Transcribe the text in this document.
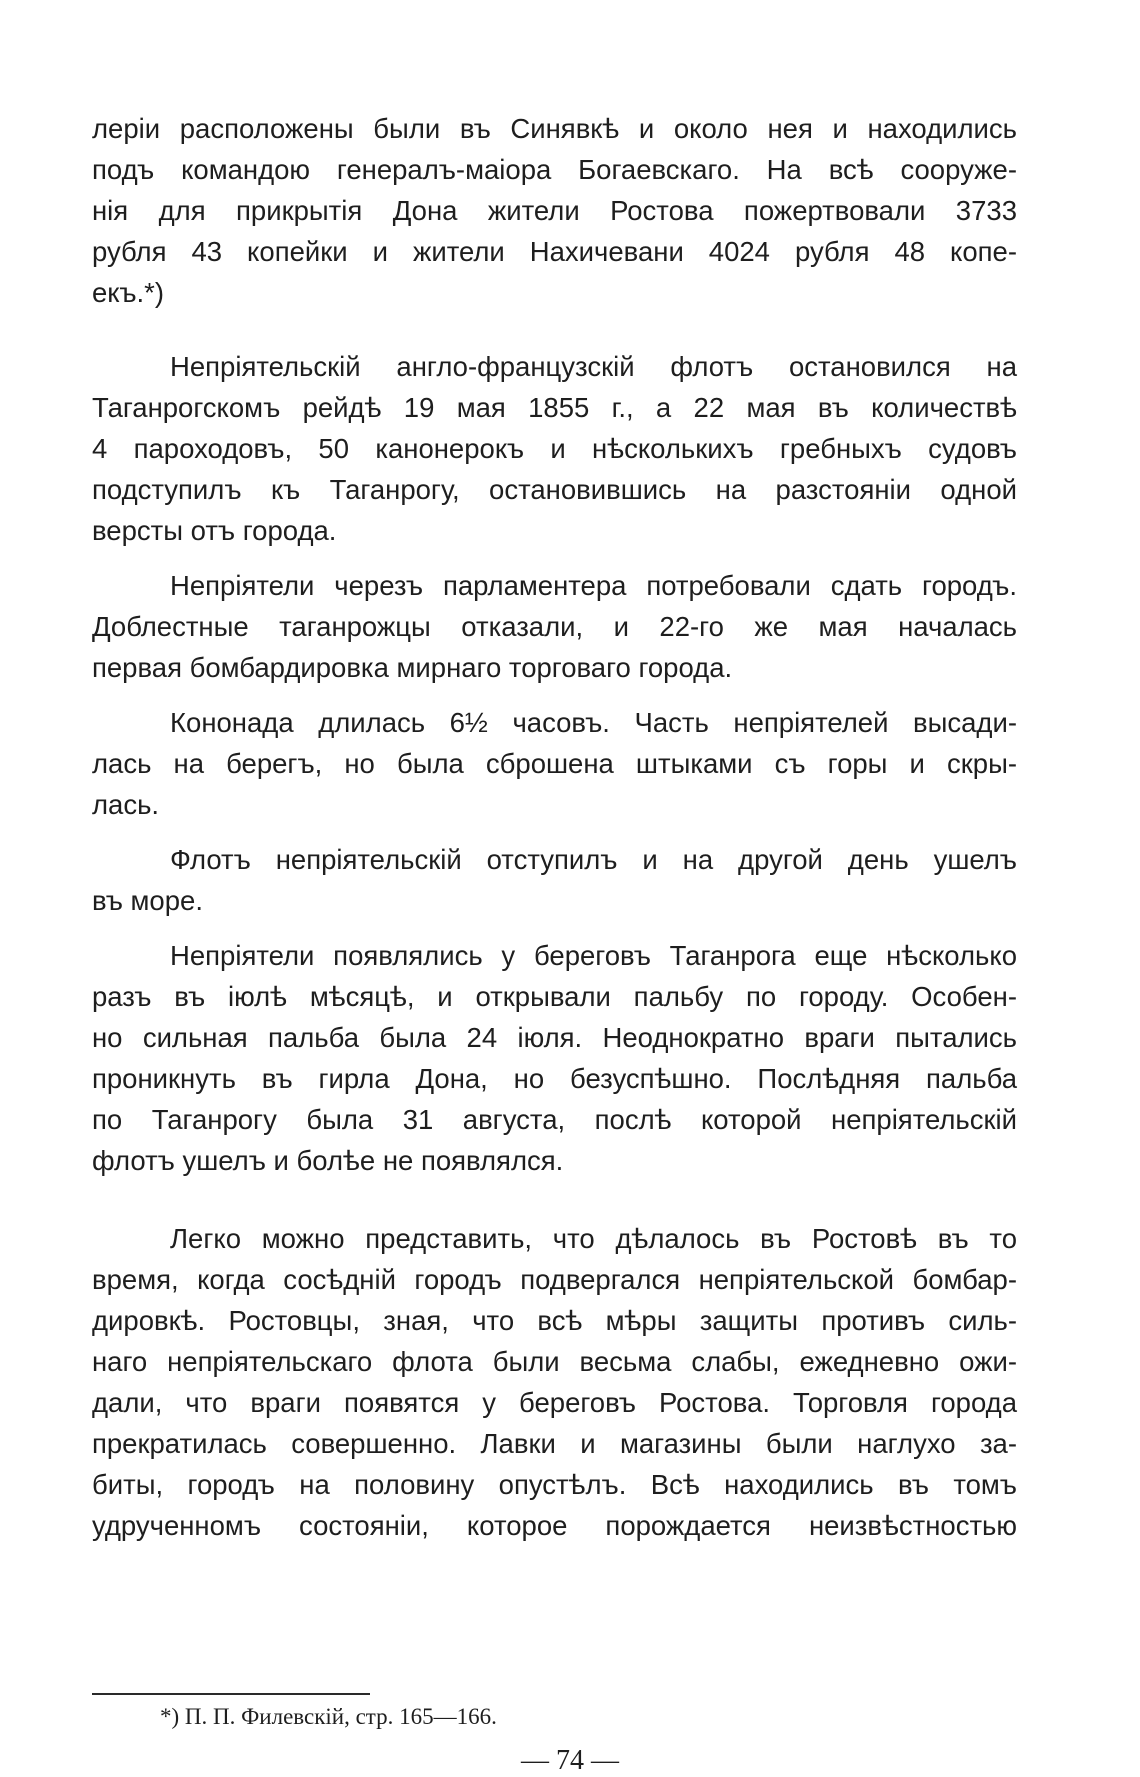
леріи расположены были въ Синявкѣ и около нея и находились
подъ командою генералъ-маіора Богаевскаго. На всѣ сооруже-
нія для прикрытія Дона жители Ростова пожертвовали 3733
рубля 43 копейки и жители Нахичевани 4024 рубля 48 копе-
екъ.*)

Непріятельскій англо-французскій флотъ остановился на
Таганрогскомъ рейдѣ 19 мая 1855 г., а 22 мая въ количествѣ
4 пароходовъ, 50 канонерокъ и нѣсколькихъ гребныхъ судовъ
подступилъ къ Таганрогу, остановившись на разстояніи одной
версты отъ города.

Непріятели черезъ парламентера потребовали сдать городъ.
Доблестные таганрожцы отказали, и 22-го же мая началась
первая бомбардировка мирнаго торговаго города.

Кононада длилась 6½ часовъ. Часть непріятелей высади-
лась на берегъ, но была сброшена штыками съ горы и скры-
лась.

Флотъ непріятельскій отступилъ и на другой день ушелъ
въ море.

Непріятели появлялись у береговъ Таганрога еще нѣсколько
разъ въ іюлѣ мѣсяцѣ, и открывали пальбу по городу. Особен-
но сильная пальба была 24 іюля. Неоднократно враги пытались
проникнуть въ гирла Дона, но безуспѣшно. Послѣдняя пальба
по Таганрогу была 31 августа, послѣ которой непріятельскій
флотъ ушелъ и болѣе не появлялся.

Легко можно представить, что дѣлалось въ Ростовѣ въ то
время, когда сосѣдній городъ подвергался непріятельской бомбар-
дировкѣ. Ростовцы, зная, что всѣ мѣры защиты противъ силь-
наго непріятельскаго флота были весьма слабы, ежедневно ожи-
дали, что враги появятся у береговъ Ростова. Торговля города
прекратилась совершенно. Лавки и магазины были наглухо за-
биты, городъ на половину опустѣлъ. Всѣ находились въ томъ
удрученномъ состояніи, которое порождается неизвѣстностью

*) П. П. Филевскій, стр. 165—166.
— 74 —
